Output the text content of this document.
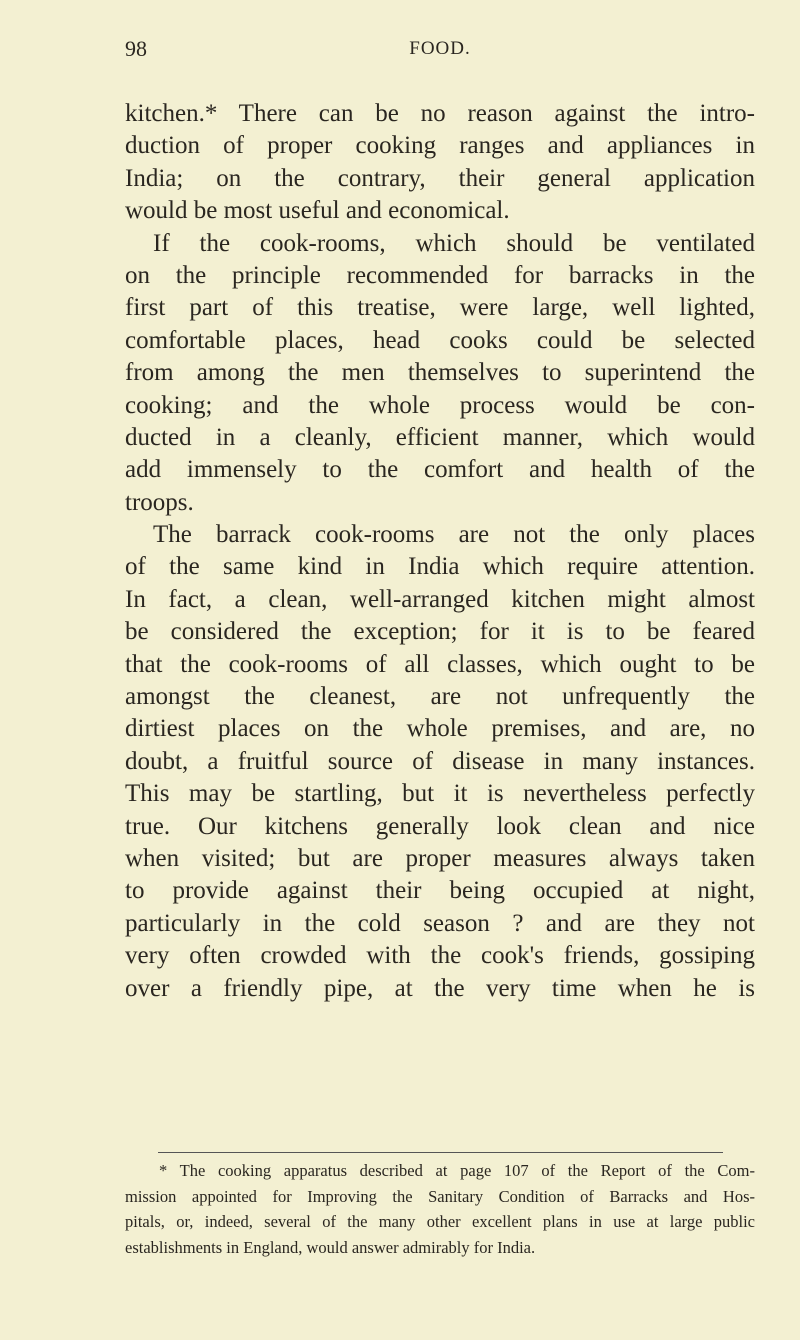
98	FOOD.
kitchen.* There can be no reason against the intro-
duction of proper cooking ranges and appliances in
India; on the contrary, their general application
would be most useful and economical.
If the cook-rooms, which should be ventilated
on the principle recommended for barracks in the
first part of this treatise, were large, well lighted,
comfortable places, head cooks could be selected
from among the men themselves to superintend the
cooking; and the whole process would be con-
ducted in a cleanly, efficient manner, which would
add immensely to the comfort and health of the
troops.
The barrack cook-rooms are not the only places
of the same kind in India which require attention.
In fact, a clean, well-arranged kitchen might almost
be considered the exception; for it is to be feared
that the cook-rooms of all classes, which ought to be
amongst the cleanest, are not unfrequently the
dirtiest places on the whole premises, and are, no
doubt, a fruitful source of disease in many instances.
This may be startling, but it is nevertheless perfectly
true. Our kitchens generally look clean and nice
when visited; but are proper measures always taken
to provide against their being occupied at night,
particularly in the cold season ? and are they not
very often crowded with the cook's friends, gossiping
over a friendly pipe, at the very time when he is
* The cooking apparatus described at page 107 of the Report of the Com-
mission appointed for Improving the Sanitary Condition of Barracks and Hos-
pitals, or, indeed, several of the many other excellent plans in use at large public
establishments in England, would answer admirably for India.
